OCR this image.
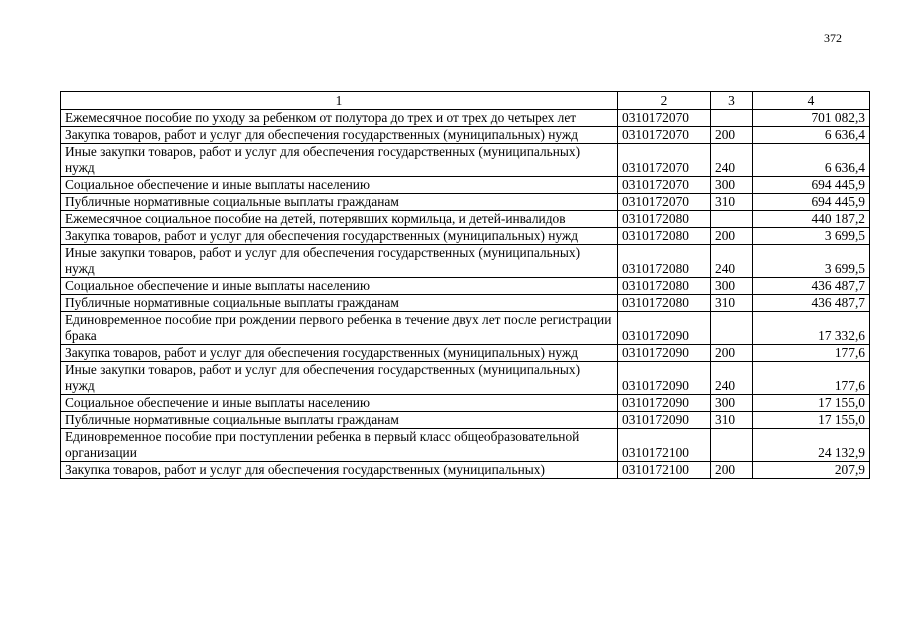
372
1	2	3	4
Ежемесячное пособие по уходу за ребенком от полутора до трех и от трех до четырех лет	0310172070		701 082,3
Закупка товаров, работ и услуг для обеспечения государственных (муниципальных) нужд	0310172070	200	6 636,4
Иные закупки товаров, работ и услуг для обеспечения государственных (муниципальных) нужд	0310172070	240	6 636,4
Социальное обеспечение и иные выплаты населению	0310172070	300	694 445,9
Публичные нормативные социальные выплаты гражданам	0310172070	310	694 445,9
Ежемесячное социальное пособие на детей, потерявших кормильца, и детей-инвалидов	0310172080		440 187,2
Закупка товаров, работ и услуг для обеспечения государственных (муниципальных) нужд	0310172080	200	3 699,5
Иные закупки товаров, работ и услуг для обеспечения государственных (муниципальных) нужд	0310172080	240	3 699,5
Социальное обеспечение и иные выплаты населению	0310172080	300	436 487,7
Публичные нормативные социальные выплаты гражданам	0310172080	310	436 487,7
Единовременное пособие при рождении первого ребенка в течение двух лет после регистрации брака	0310172090		17 332,6
Закупка товаров, работ и услуг для обеспечения государственных (муниципальных) нужд	0310172090	200	177,6
Иные закупки товаров, работ и услуг для обеспечения государственных (муниципальных) нужд	0310172090	240	177,6
Социальное обеспечение и иные выплаты населению	0310172090	300	17 155,0
Публичные нормативные социальные выплаты гражданам	0310172090	310	17 155,0
Единовременное пособие при поступлении ребенка в первый класс общеобразовательной организации	0310172100		24 132,9
Закупка товаров, работ и услуг для обеспечения государственных (муниципальных)	0310172100	200	207,9
